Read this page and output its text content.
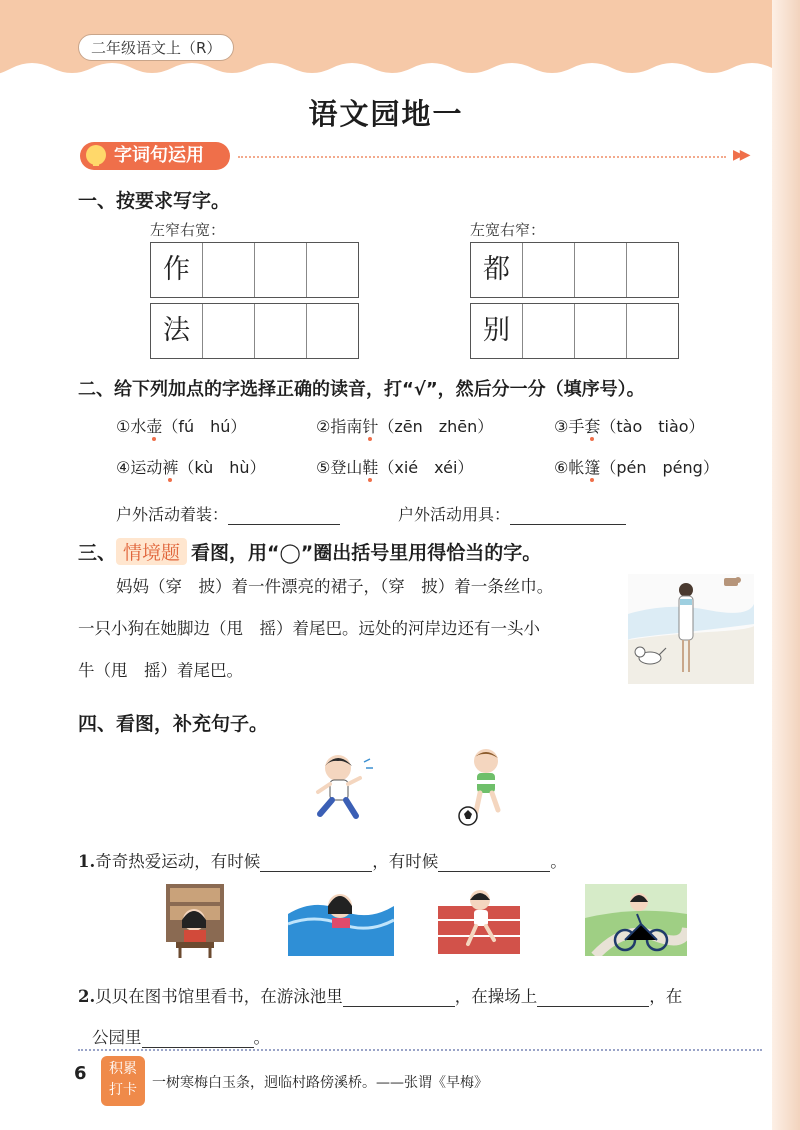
二年级语文上（R）
语文园地一
字词句运用	▶▶
一、按要求写字。
左窄右宽：	左宽右窄：
作
法
都
别
二、给下列加点的字选择正确的读音，打“√”，然后分一分（填序号）。
①水壶（fú　hú）	②指南针（zēn　zhēn）	③手套（tào　tiào）
④运动裤（kù　hù）	⑤登山鞋（xié　xéi）	⑥帐篷（pén　péng）
户外活动着装：	户外活动用具：
三、 情境题 看图，用“◯”圈出括号里用得恰当的字。
妈妈（穿　披）着一件漂亮的裙子，（穿　披）着一条丝巾。
一只小狗在她脚边（甩　摇）着尾巴。远处的河岸边还有一头小
牛（甩　摇）着尾巴。
四、看图，补充句子。
1.奇奇热爱运动，有时候	，有时候	。
2.贝贝在图书馆里看书，在游泳池里	，在操场上	，在
公园里	。
6	积累
打卡	一树寒梅白玉条，迥临村路傍溪桥。——张谓《早梅》
